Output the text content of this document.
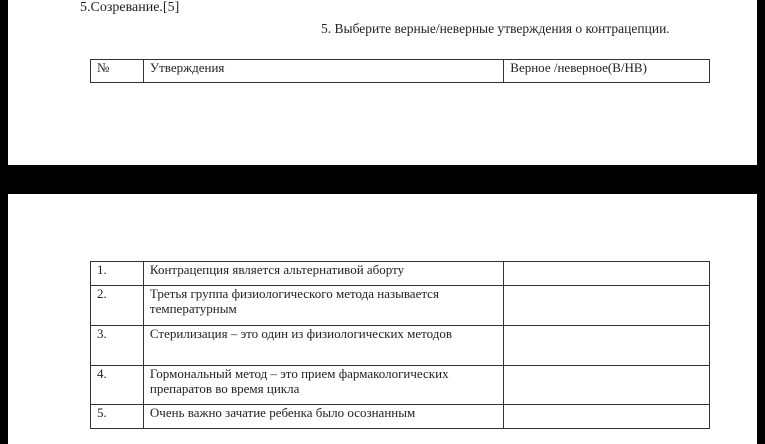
5.Созревание.[5]
5. Выберите верные/неверные утверждения о контрацепции.
№	Утверждения	Верное /неверное(В/НВ)
1.	Контрацепция является альтернативой аборту	
2.	Третья группа физиологического метода называется температурным	
3.	Стерилизация – это один из физиологических методов	
4.	Гормональный метод – это прием фармакологических препаратов во время цикла	
5.	Очень важно зачатие ребенка было осознанным	
